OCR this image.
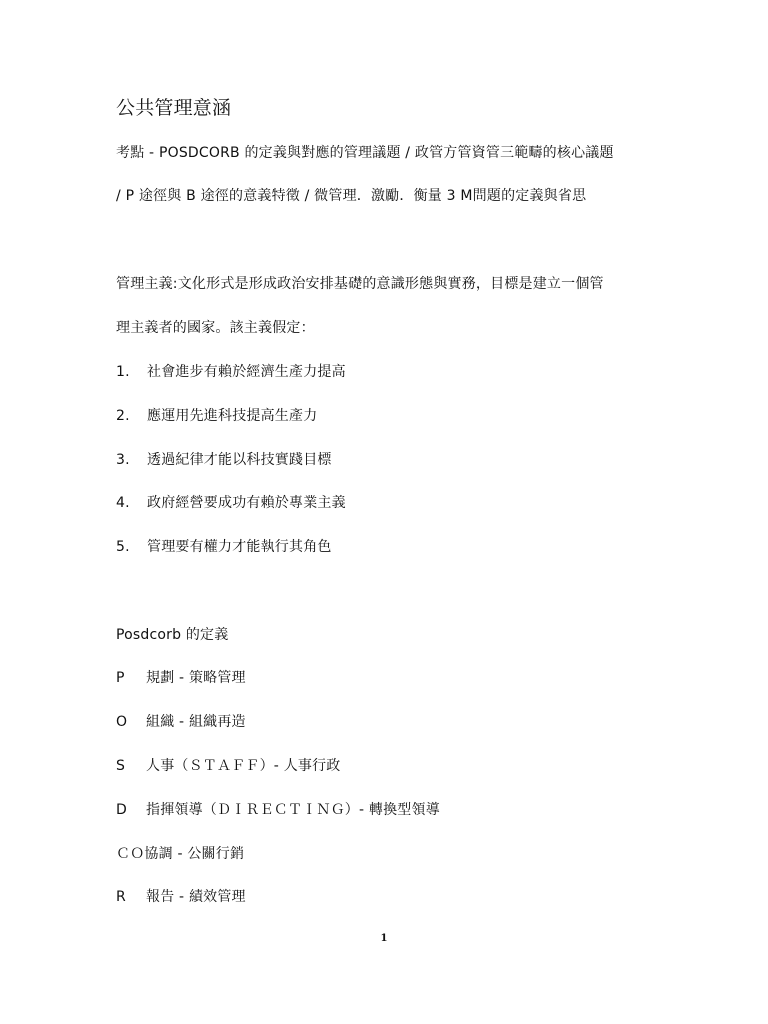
公共管理意涵
考點 - POSDCORB 的定義與對應的管理議題 / 政管方管資管三範疇的核心議題
/ P 途徑與 B 途徑的意義特徵 / 微管理．激勵．衡量 3 M問題的定義與省思
管理主義:文化形式是形成政治安排基礎的意識形態與實務，目標是建立一個管
理主義者的國家。該主義假定：
1. 社會進步有賴於經濟生產力提高
2. 應運用先進科技提高生產力
3. 透過紀律才能以科技實踐目標
4. 政府經營要成功有賴於專業主義
5. 管理要有權力才能執行其角色
Posdcorb 的定義
P 規劃 - 策略管理
O 組織 - 組織再造
S 人事（ＳＴＡＦＦ）- 人事行政
D 指揮領導（ＤＩＲＥＣＴＩＮＧ）- 轉換型領導
ＣＯ協調 - 公關行銷
R 報告 - 績效管理
1
